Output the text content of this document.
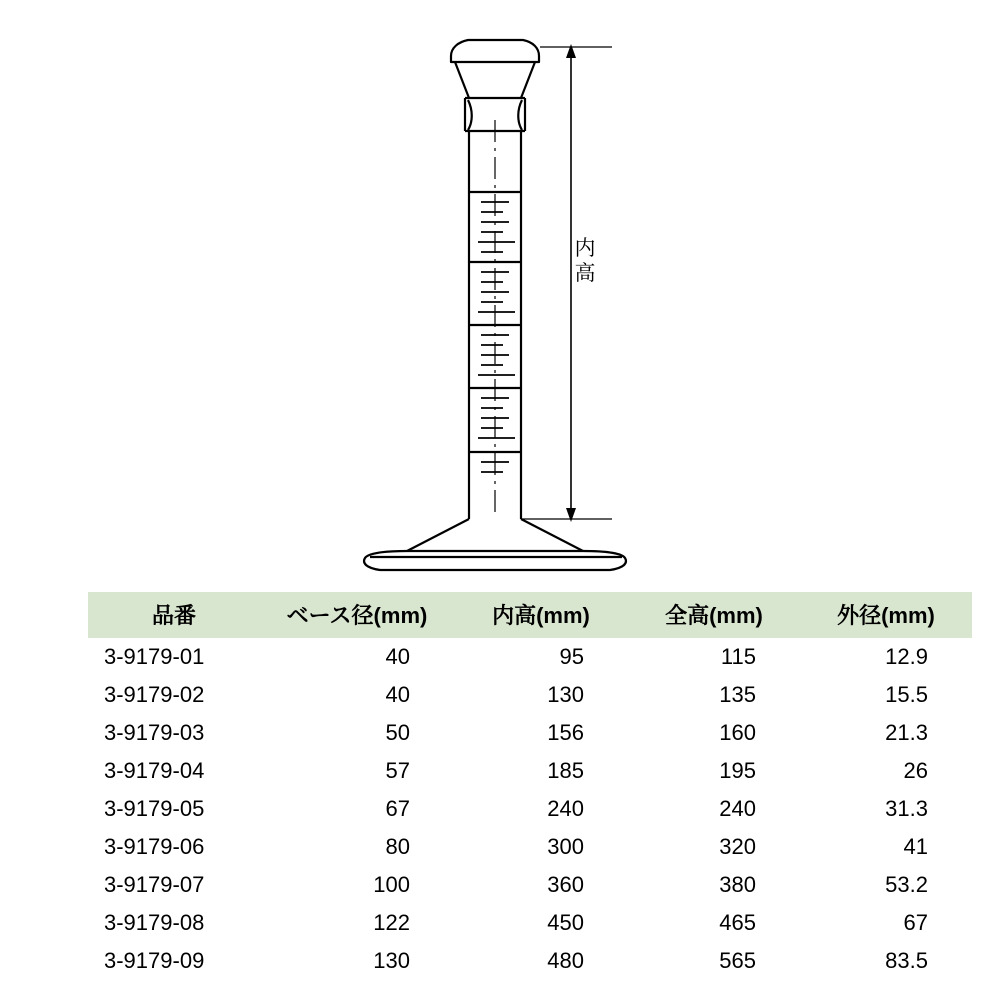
内
高
品番	ベース径(mm)	内高(mm)	全高(mm)	外径(mm)
3-9179-01	40	95	115	12.9
3-9179-02	40	130	135	15.5
3-9179-03	50	156	160	21.3
3-9179-04	57	185	195	26
3-9179-05	67	240	240	31.3
3-9179-06	80	300	320	41
3-9179-07	100	360	380	53.2
3-9179-08	122	450	465	67
3-9179-09	130	480	565	83.5
